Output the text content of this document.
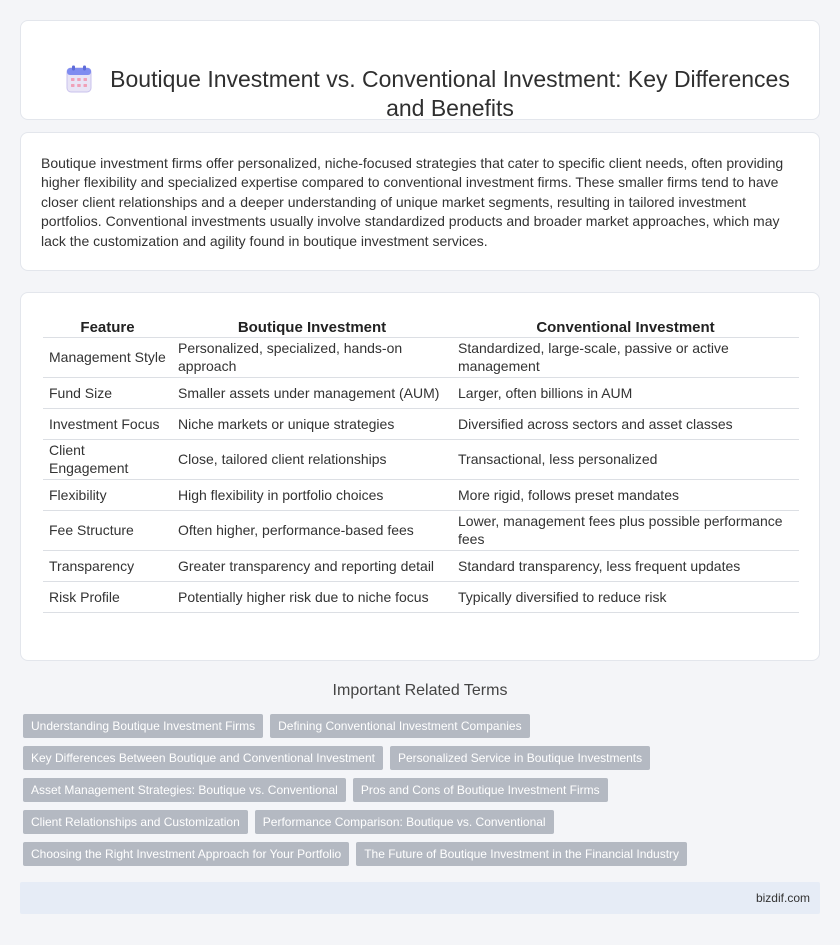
Boutique Investment vs. Conventional Investment: Key Differences and Benefits

Boutique investment firms offer personalized, niche-focused strategies that cater to specific client needs, often providing higher flexibility and specialized expertise compared to conventional investment firms. These smaller firms tend to have closer client relationships and a deeper understanding of unique market segments, resulting in tailored investment portfolios. Conventional investments usually involve standardized products and broader market approaches, which may lack the customization and agility found in boutique investment services.

Feature	Boutique Investment	Conventional Investment
Management Style	Personalized, specialized, hands-on approach	Standardized, large-scale, passive or active management
Fund Size	Smaller assets under management (AUM)	Larger, often billions in AUM
Investment Focus	Niche markets or unique strategies	Diversified across sectors and asset classes
Client Engagement	Close, tailored client relationships	Transactional, less personalized
Flexibility	High flexibility in portfolio choices	More rigid, follows preset mandates
Fee Structure	Often higher, performance-based fees	Lower, management fees plus possible performance fees
Transparency	Greater transparency and reporting detail	Standard transparency, less frequent updates
Risk Profile	Potentially higher risk due to niche focus	Typically diversified to reduce risk
Important Related Terms
Understanding Boutique Investment Firms	Defining Conventional Investment Companies
Key Differences Between Boutique and Conventional Investment	Personalized Service in Boutique Investments
Asset Management Strategies: Boutique vs. Conventional	Pros and Cons of Boutique Investment Firms
Client Relationships and Customization	Performance Comparison: Boutique vs. Conventional
Choosing the Right Investment Approach for Your Portfolio	The Future of Boutique Investment in the Financial Industry
bizdif.com
